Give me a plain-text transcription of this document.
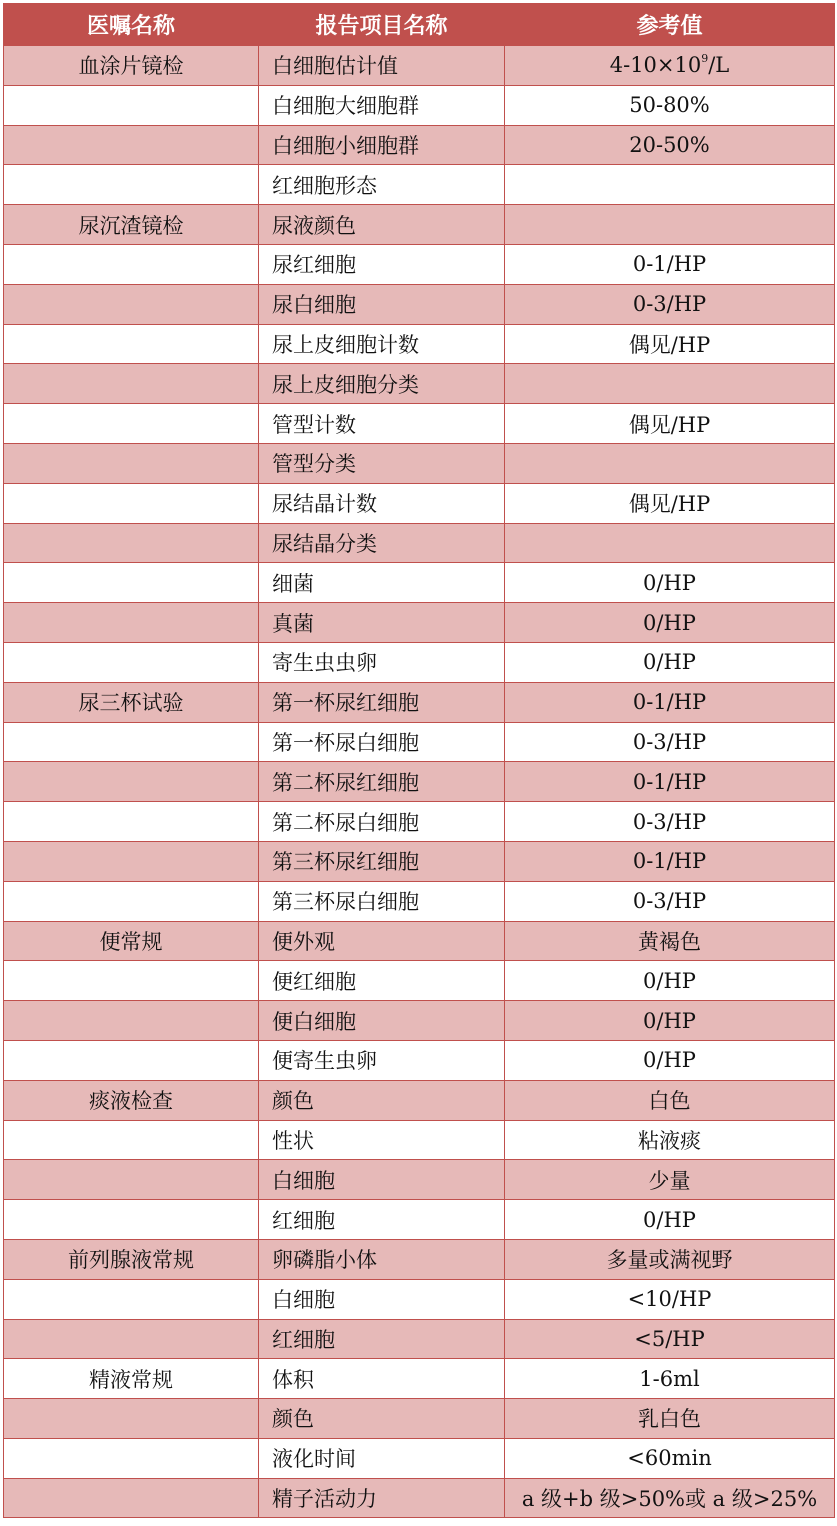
医嘱名称	报告项目名称	参考值
血涂片镜检	白细胞估计值	$4-10\times 10^9/L$
	白细胞大细胞群	50-80%
	白细胞小细胞群	20-50%
	红细胞形态	
尿沉渣镜检	尿液颜色	
	尿红细胞	0-1/HP
	尿白细胞	0-3/HP
	尿上皮细胞计数	偶见/HP
	尿上皮细胞分类	
	管型计数	偶见/HP
	管型分类	
	尿结晶计数	偶见/HP
	尿结晶分类	
	细菌	0/HP
	真菌	0/HP
	寄生虫虫卵	0/HP
尿三杯试验	第一杯尿红细胞	0-1/HP
	第一杯尿白细胞	0-3/HP
	第二杯尿红细胞	0-1/HP
	第二杯尿白细胞	0-3/HP
	第三杯尿红细胞	0-1/HP
	第三杯尿白细胞	0-3/HP
便常规	便外观	黄褐色
	便红细胞	0/HP
	便白细胞	0/HP
	便寄生虫卵	0/HP
痰液检查	颜色	白色
	性状	粘液痰
	白细胞	少量
	红细胞	0/HP
前列腺液常规	卵磷脂小体	多量或满视野
	白细胞	<10/HP
	红细胞	<5/HP
精液常规	体积	1-6ml
	颜色	乳白色
	液化时间	<60min
	精子活动力	a 级+b 级>50%或 a 级>25%
